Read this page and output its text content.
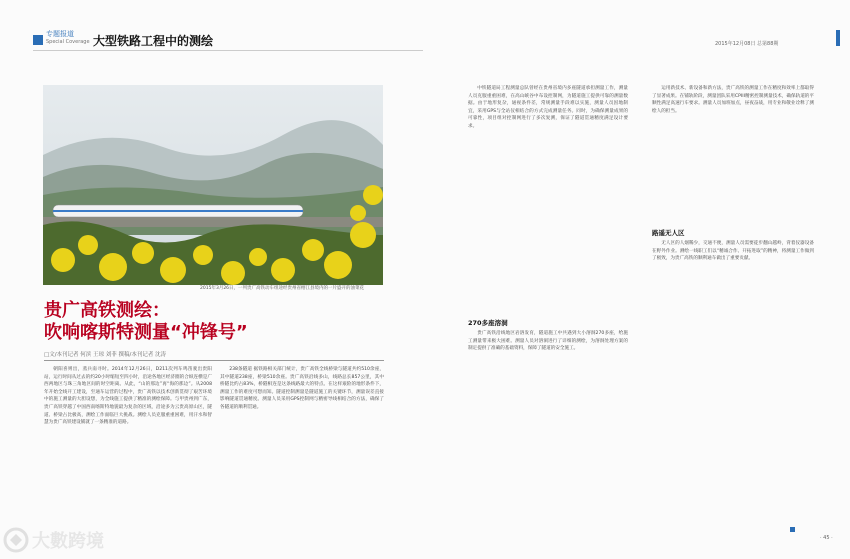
专题报道
Special Coverage 大型铁路工程中的测绘	2015年12月08日 总第88期
2015年3月26日，一列贵广高铁动车组途经贵州省榕江县境内的一片盛开的油菜花
贵广高铁测绘：
吹响喀斯特测量“冲锋号”
□文/本刊记者 何滨 王琼 刘菲 撰稿/本刊记者 沈涛

朝阳喜则出，蒸兵南寻时。2014年12月26日，D211次列车鸣笛驶出贵阳站，运行时间从过去的约20小时缩短至四小时，沿途各地区经济圈的合纵连横是广西两地区与珠三角地区间的时空距离。从此，“山的那边”再“海的那边”。从2008年开始全线开工建设，至通车运营的过程中，贵广高铁以技术创新贯彻了艰苦环境中的施工测量的大胆设想，为全线施工提供了精准的测绘保障。与甲贵州到广东，贵广高铁穿越了中国西南喀斯特地貌最为复杂的区域，沿途多为云贵高原山区，隧道、桥梁占比极高，测绘工作面临巨大挑战。测绘人员克服重重困难，用汗水和智慧为贵广高铁建设铺就了一条精准的道路。

238条隧道 据铁路相关部门统计，贵广高铁全线桥梁与隧道共约510余座，其中隧道238座，桥梁510余座。贵广高铁沿线多山，线路总长857公里，其中桥隧比约占83%，桥隧相连是这条线路最大的特点。在这样艰险的地形条件下，测量工作的难度可想而知。隧道控制测量是隧道施工的关键环节，测量误差直接影响隧道贯通精度。测量人员采用GPS控制网与精密导线相结合的方法，确保了各隧道的顺利贯通。

中铁隧道局工程测量总队曾经在贵州省境内多座隧道承担测量工作，测量人员克服重重困难，在高山峡谷中布设控制网，为隧道施工提供可靠的测量数据。由于地形复杂，通视条件差，常规测量手段难以实施，测量人员因地制宜，采用GPS与全站仪相结合的方式完成测量任务。同时，为确保测量成果的可靠性，项目组对控制网进行了多次复测，保证了隧道贯通精度满足设计要求。

270多座溶洞

贵广高铁沿线地区岩溶发育，隧道施工中共遇到大小溶洞270多座，给施工测量带来极大困难。测量人员对溶洞进行了详细的测绘，为溶洞处理方案的制定提供了准确的基础资料，保障了隧道的安全施工。

运用新技术、新设备和新方法，贵广高铁的测量工作在精度和效率上都取得了显著成果。在铺轨阶段，测量团队采用CPIII精密控制测量技术，确保轨道的平顺性满足高速行车要求。测量人员加班加点，昼夜奋战，用专业和敬业诠释了测绘人的担当。

路遥无人区

无人区的人烟稀少，交通不便，测量人员需要徒步翻山越岭，背着仪器设备在野外作业。测绘一线职工们以“精诚合作、开拓进取”的精神，将测量工作做到了极致，为贵广高铁的顺利通车做出了重要贡献。

· 45 ·
大數跨境
